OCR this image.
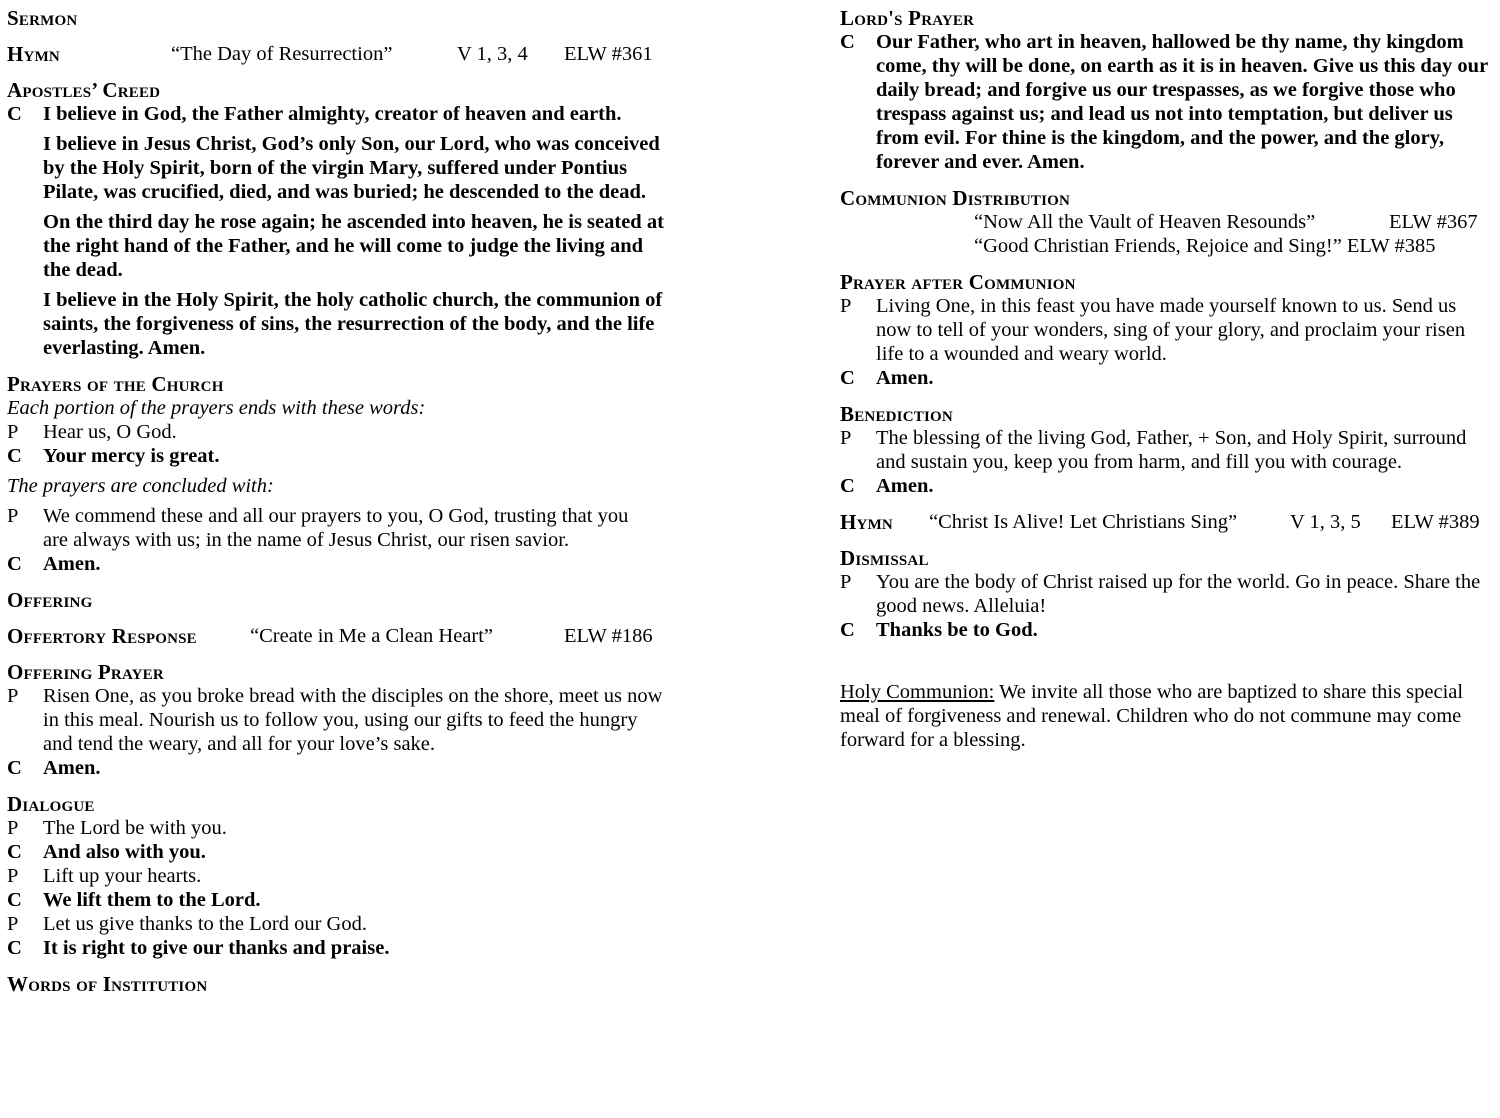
Sermon
Hymn	“The Day of Resurrection”	V 1, 3, 4	ELW #361
Apostles’ Creed
C	I believe in God, the Father almighty, creator of heaven and earth.
I believe in Jesus Christ, God’s only Son, our Lord, who was conceived by the Holy Spirit, born of the virgin Mary, suffered under Pontius Pilate, was crucified, died, and was buried; he descended to the dead.
On the third day he rose again; he ascended into heaven, he is seated at the right hand of the Father, and he will come to judge the living and the dead.
I believe in the Holy Spirit, the holy catholic church, the communion of saints, the forgiveness of sins, the resurrection of the body, and the life everlasting. Amen.
Prayers of the Church
Each portion of the prayers ends with these words:
P	Hear us, O God.
C	Your mercy is great.
The prayers are concluded with:
P	We commend these and all our prayers to you, O God, trusting that you are always with us; in the name of Jesus Christ, our risen savior.
C	Amen.
Offering
Offertory Response	“Create in Me a Clean Heart”	ELW #186
Offering Prayer
P	Risen One, as you broke bread with the disciples on the shore, meet us now in this meal. Nourish us to follow you, using our gifts to feed the hungry and tend the weary, and all for your love’s sake.
C	Amen.
Dialogue
P	The Lord be with you.
C	And also with you.
P	Lift up your hearts.
C	We lift them to the Lord.
P	Let us give thanks to the Lord our God.
C	It is right to give our thanks and praise.
Words of Institution
Lord's Prayer
C	Our Father, who art in heaven, hallowed be thy name, thy kingdom come, thy will be done, on earth as it is in heaven. Give us this day our daily bread; and forgive us our trespasses, as we forgive those who trespass against us; and lead us not into temptation, but deliver us from evil. For thine is the kingdom, and the power, and the glory, forever and ever. Amen.
Communion Distribution
“Now All the Vault of Heaven Resounds”	ELW #367
“Good Christian Friends, Rejoice and Sing!” ELW #385
Prayer after Communion
P	Living One, in this feast you have made yourself known to us. Send us now to tell of your wonders, sing of your glory, and proclaim your risen life to a wounded and weary world.
C	Amen.
Benediction
P	The blessing of the living God, Father, + Son, and Holy Spirit, surround and sustain you, keep you from harm, and fill you with courage.
C	Amen.
Hymn	“Christ Is Alive! Let Christians Sing”	V 1, 3, 5	ELW #389
Dismissal
P	You are the body of Christ raised up for the world. Go in peace. Share the good news. Alleluia!
C	Thanks be to God.
Holy Communion: We invite all those who are baptized to share this special meal of forgiveness and renewal. Children who do not commune may come forward for a blessing.
